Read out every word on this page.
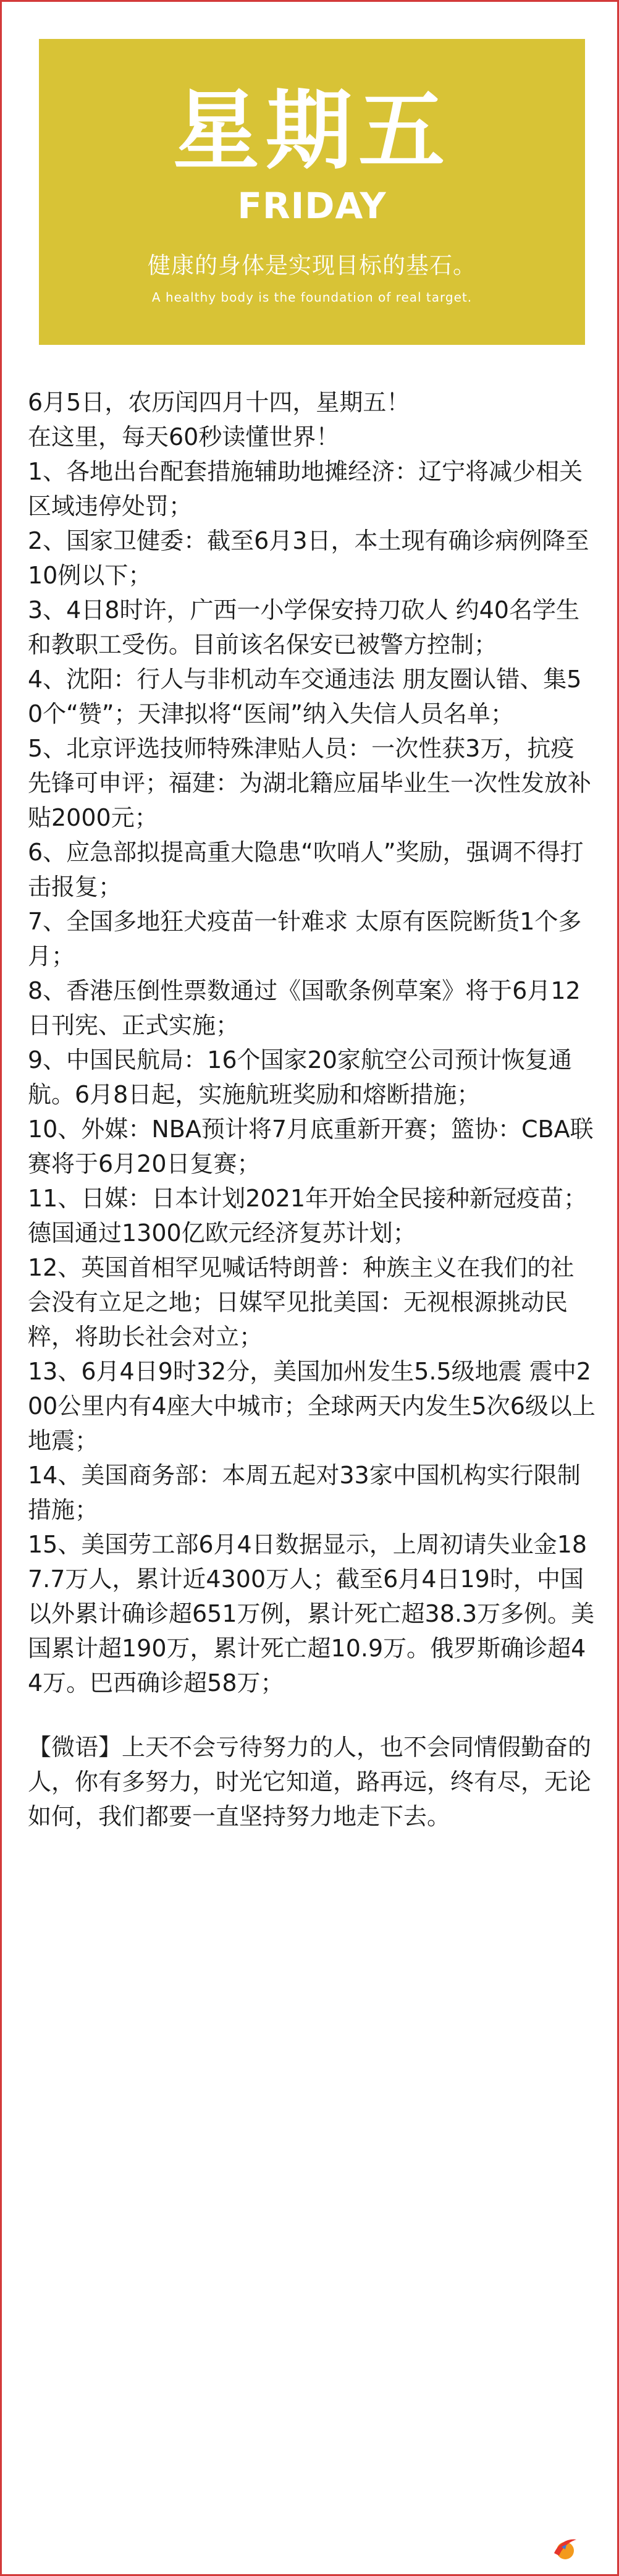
星期五
FRIDAY
健康的身体是实现目标的基石。
A healthy body is the foundation of real target.

6月5日，农历闰四月十四，星期五！

在这里，每天60秒读懂世界！

1、各地出台配套措施辅助地摊经济：辽宁将减少相关区域违停处罚；

2、国家卫健委：截至6月3日，本土现有确诊病例降至10例以下；

3、4日8时许，广西一小学保安持刀砍人 约40名学生和教职工受伤。目前该名保安已被警方控制；

4、沈阳：行人与非机动车交通违法 朋友圈认错、集50个“赞”；天津拟将“医闹”纳入失信人员名单；

5、北京评选技师特殊津贴人员：一次性获3万，抗疫先锋可申评；福建：为湖北籍应届毕业生一次性发放补贴2000元；

6、应急部拟提高重大隐患“吹哨人”奖励，强调不得打击报复；

7、全国多地狂犬疫苗一针难求 太原有医院断货1个多月；

8、香港压倒性票数通过《国歌条例草案》将于6月12日刊宪、正式实施；

9、中国民航局：16个国家20家航空公司预计恢复通航。6月8日起，实施航班奖励和熔断措施；

10、外媒：NBA预计将7月底重新开赛；篮协：CBA联赛将于6月20日复赛；

11、日媒：日本计划2021年开始全民接种新冠疫苗；德国通过1300亿欧元经济复苏计划；

12、英国首相罕见喊话特朗普：种族主义在我们的社会没有立足之地；日媒罕见批美国：无视根源挑动民粹，将助长社会对立；

13、6月4日9时32分，美国加州发生5.5级地震 震中200公里内有4座大中城市；全球两天内发生5次6级以上地震；

14、美国商务部：本周五起对33家中国机构实行限制措施；

15、美国劳工部6月4日数据显示，上周初请失业金187.7万人，累计近4300万人；截至6月4日19时，中国以外累计确诊超651万例，累计死亡超38.3万多例。美国累计超190万，累计死亡超10.9万。俄罗斯确诊超44万。巴西确诊超58万；

【微语】上天不会亏待努力的人，也不会同情假勤奋的人，你有多努力，时光它知道，路再远，终有尽，无论如何，我们都要一直坚持努力地走下去。
